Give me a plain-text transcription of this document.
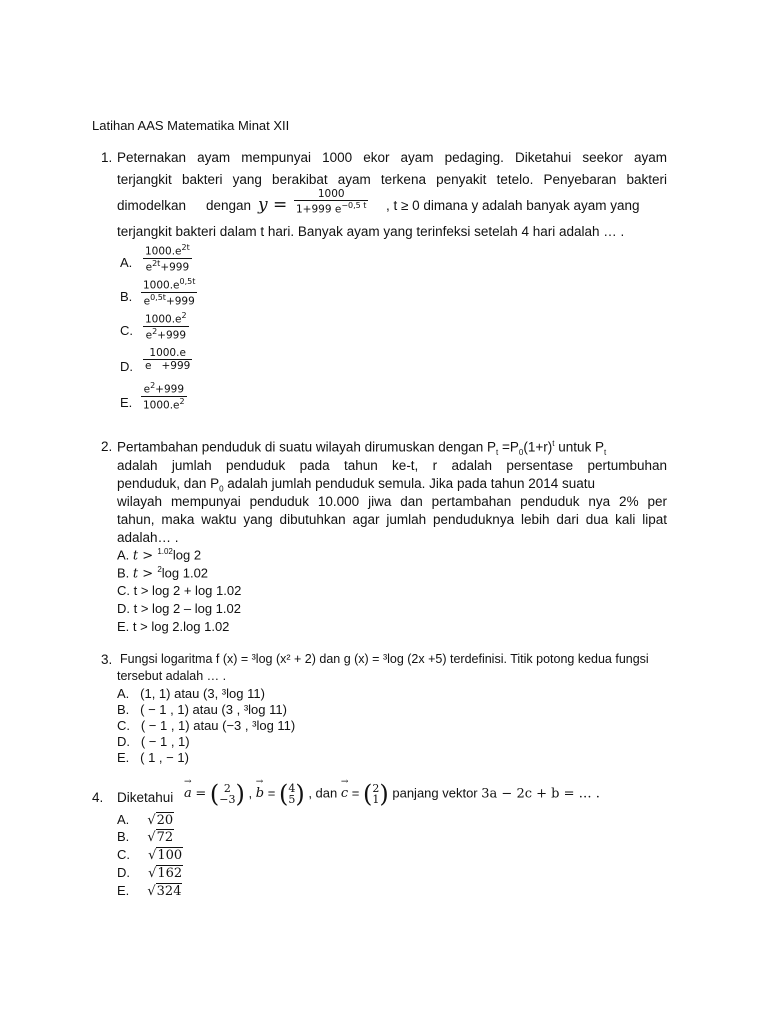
Latihan AAS Matematika Minat XII
1. Peternakan ayam mempunyai 1000 ekor ayam pedaging. Diketahui seekor ayam
terjangkit bakteri yang berakibat ayam terkena penyakit tetelo. Penyebaran bakteri
dimodelkan dengan $y = \frac{1000}{1+999 e^{-0,5 t}}$ , t ≥ 0 dimana y adalah banyak ayam yang
terjangkit bakteri dalam t hari. Banyak ayam yang terinfeksi setelah 4 hari adalah … .
A. $\frac{1000.e^{2t}}{e^{2t}+999}$
B. $\frac{1000.e^{0,5t}}{e^{0,5t}+999}$
C. $\frac{1000.e^2}{e^2+999}$
D. $\frac{1000.e}{e +999}$
E. $\frac{e^2+999}{1000.e^2}$
2. Pertambahan penduduk di suatu wilayah dirumuskan dengan $P_t =P_0(1+r)^t$ untuk $P_t$
adalah jumlah penduduk pada tahun ke-t, r adalah persentase pertumbuhan
penduduk, dan $P_0$ adalah jumlah penduduk semula. Jika pada tahun 2014 suatu
wilayah mempunyai penduduk 10.000 jiwa dan pertambahan penduduk nya 2% per
tahun, maka waktu yang dibutuhkan agar jumlah penduduknya lebih dari dua kali lipat
adalah… .
A. t > $^{1.02}$log 2
B. t > $^2$log 1.02
C. t > log 2 + log 1.02
D. t > log 2 – log 1.02
E. t > log 2.log 1.02
3. Fungsi logaritma f (x) = ³log (x² + 2) dan g (x) = ³log (2x +5) terdefinisi. Titik potong kedua fungsi
tersebut adalah … .
A. (1, 1) atau (3, ³log 11)
B. ( − 1 , 1) atau (3 , ³log 11)
C. ( − 1 , 1) atau (−3 , ³log 11)
D. ( − 1 , 1)
E. ( 1 , − 1)
4. Diketahui → a = ( 2
−3) , → b = (4
5) , dan → c = (2
1) panjang vektor 3a − 2c + b = … .
A. √20
B. √72
C. √100
D. √162
E. √324
